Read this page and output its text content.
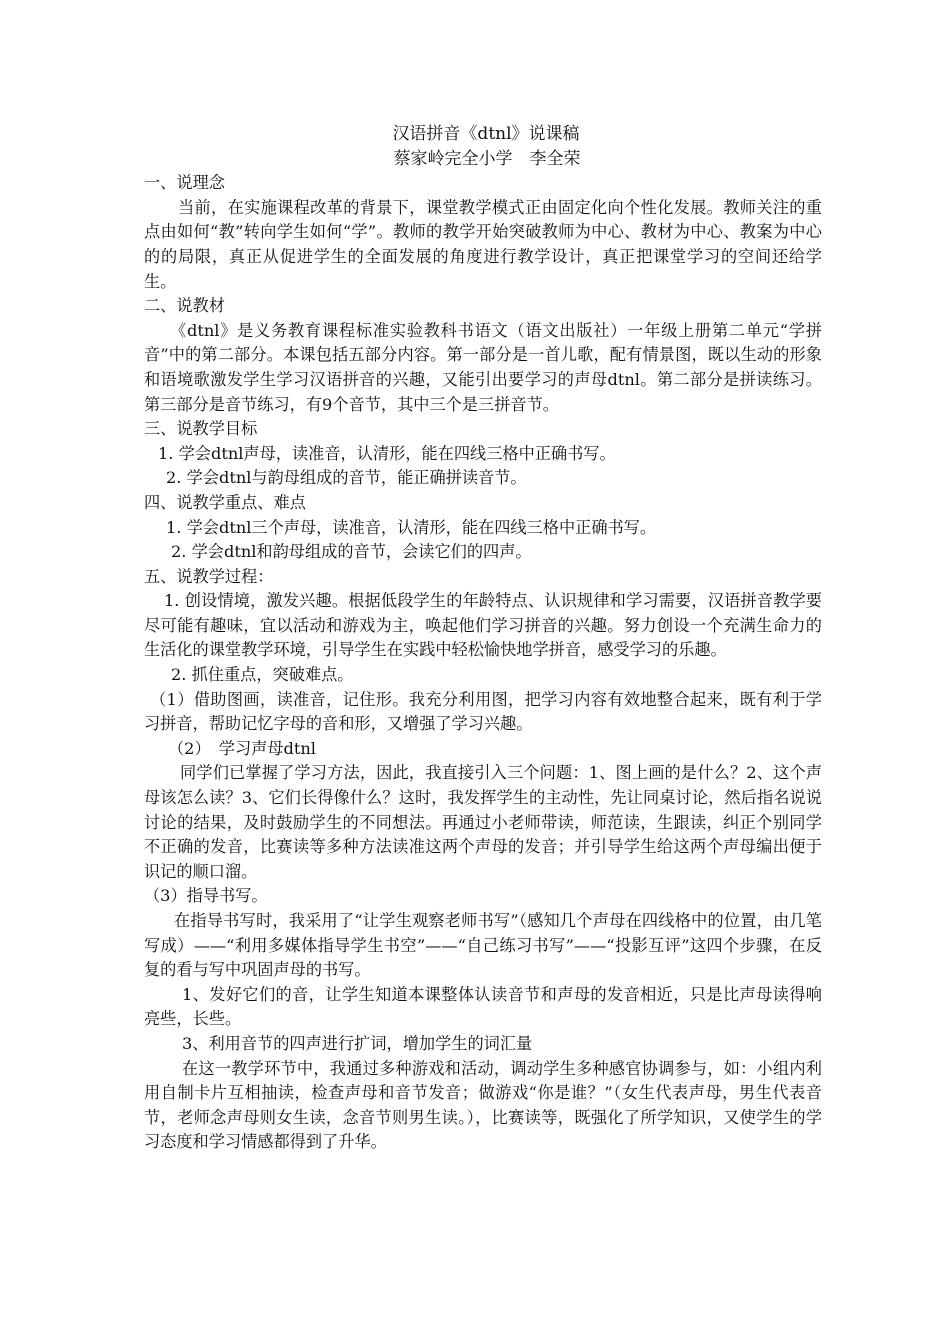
汉语拼音《dtnl》说课稿
蔡家岭完全小学　李全荣
一、说理念

当前，在实施课程改革的背景下，课堂教学模式正由固定化向个性化发展。教师关注的重点由如何“教”转向学生如何“学”。教师的教学开始突破教师为中心、教材为中心、教案为中心的的局限，真正从促进学生的全面发展的角度进行教学设计，真正把课堂学习的空间还给学生。

二、说教材

《dtnl》是义务教育课程标准实验教科书语文（语文出版社）一年级上册第二单元“学拼音”中的第二部分。本课包括五部分内容。第一部分是一首儿歌，配有情景图，既以生动的形象和语境歌激发学生学习汉语拼音的兴趣，又能引出要学习的声母dtnl。第二部分是拼读练习。第三部分是音节练习，有9个音节，其中三个是三拼音节。

三、说教学目标

1. 学会dtnl声母，读准音，认清形，能在四线三格中正确书写。

2. 学会dtnl与韵母组成的音节，能正确拼读音节。

四、说教学重点、难点

1. 学会dtnl三个声母，读准音，认清形，能在四线三格中正确书写。

2. 学会dtnl和韵母组成的音节，会读它们的四声。

五、说教学过程：

1. 创设情境，激发兴趣。根据低段学生的年龄特点、认识规律和学习需要，汉语拼音教学要尽可能有趣味，宜以活动和游戏为主，唤起他们学习拼音的兴趣。努力创设一个充满生命力的生活化的课堂教学环境，引导学生在实践中轻松愉快地学拼音，感受学习的乐趣。

2. 抓住重点，突破难点。

（1）借助图画，读准音，记住形。我充分利用图，把学习内容有效地整合起来，既有利于学习拼音，帮助记忆字母的音和形，又增强了学习兴趣。

（2）　学习声母dtnl

同学们已掌握了学习方法，因此，我直接引入三个问题：1、图上画的是什么？2、这个声母该怎么读？3、它们长得像什么？这时，我发挥学生的主动性，先让同桌讨论，然后指名说说讨论的结果，及时鼓励学生的不同想法。再通过小老师带读，师范读，生跟读，纠正个别同学不正确的发音，比赛读等多种方法读准这两个声母的发音；并引导学生给这两个声母编出便于识记的顺口溜。

（3）指导书写。

在指导书写时，我采用了“让学生观察老师书写”（感知几个声母在四线格中的位置，由几笔写成）——“利用多媒体指导学生书空”——“自己练习书写”——“投影互评”这四个步骤，在反复的看与写中巩固声母的书写。

1、发好它们的音，让学生知道本课整体认读音节和声母的发音相近，只是比声母读得响亮些，长些。

3、利用音节的四声进行扩词，增加学生的词汇量

在这一教学环节中，我通过多种游戏和活动，调动学生多种感官协调参与，如：小组内利用自制卡片互相抽读，检查声母和音节发音；做游戏“你是谁？”（女生代表声母，男生代表音节，老师念声母则女生读，念音节则男生读。），比赛读等，既强化了所学知识，又使学生的学习态度和学习情感都得到了升华。
